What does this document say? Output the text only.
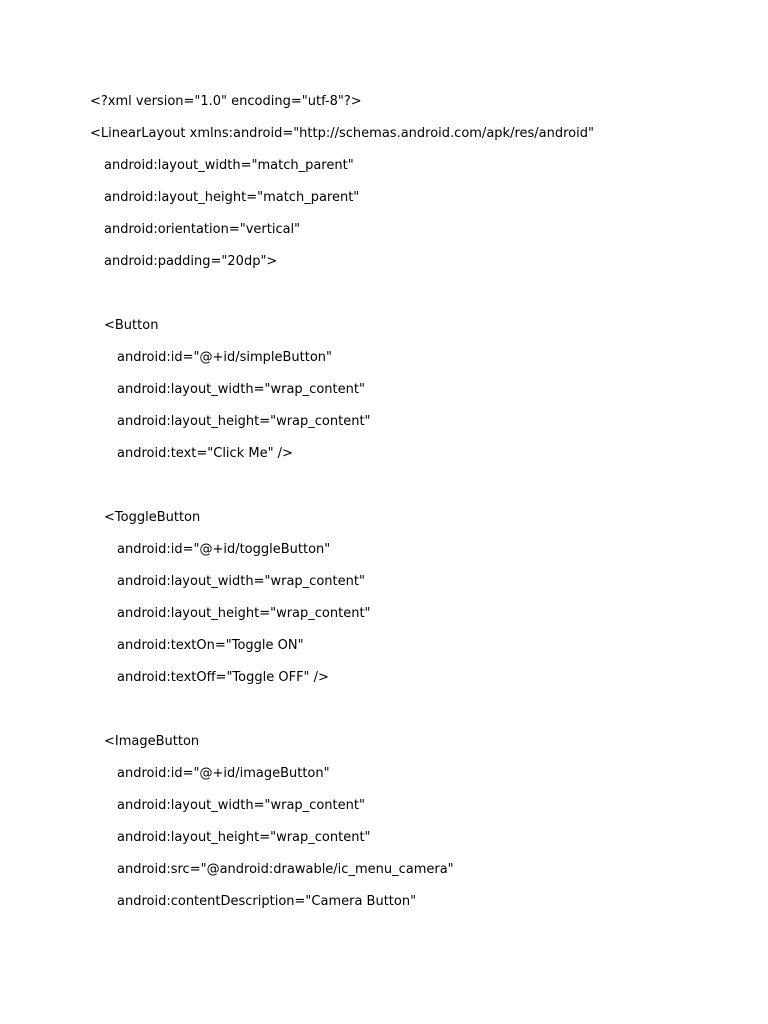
<?xml version="1.0" encoding="utf-8"?>
<LinearLayout xmlns:android="http://schemas.android.com/apk/res/android"
android:layout_width="match_parent"
android:layout_height="match_parent"
android:orientation="vertical"
android:padding="20dp">
<Button
android:id="@+id/simpleButton"
android:layout_width="wrap_content"
android:layout_height="wrap_content"
android:text="Click Me" />
<ToggleButton
android:id="@+id/toggleButton"
android:layout_width="wrap_content"
android:layout_height="wrap_content"
android:textOn="Toggle ON"
android:textOff="Toggle OFF" />
<ImageButton
android:id="@+id/imageButton"
android:layout_width="wrap_content"
android:layout_height="wrap_content"
android:src="@android:drawable/ic_menu_camera"
android:contentDescription="Camera Button"
